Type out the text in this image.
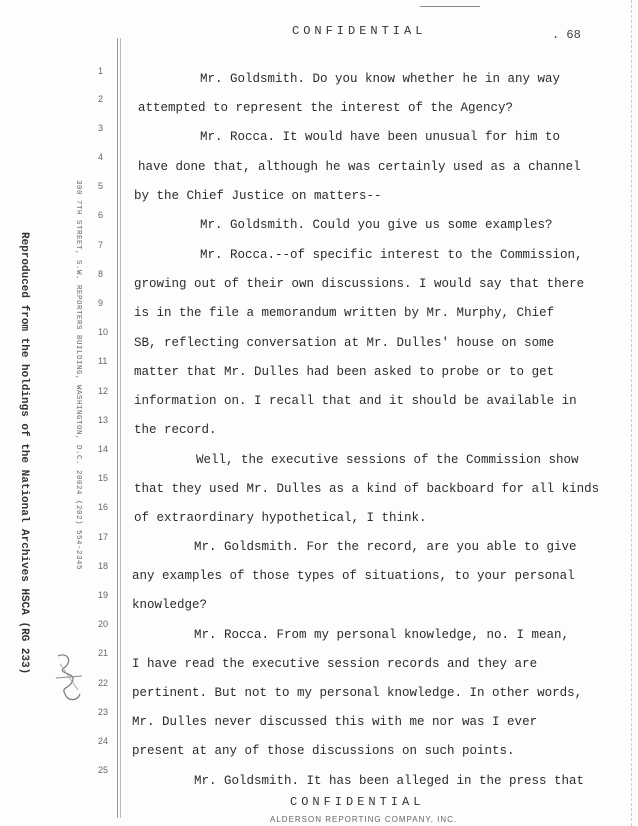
CONFIDENTIAL	. 68
Reproduced from the holdings of the National Archives HSCA (RG 233)	300 7TH STREET, S.W. REPORTERS BUILDING, WASHINGTON, D.C. 20024 (202) 554-2345
1
2
3
4
5
6
7
8
9
10
11
12
13
14
15
16
17
18
19
20
21
22
23
24
25
Mr. Goldsmith. Do you know whether he in any way
attempted to represent the interest of the Agency?
Mr. Rocca. It would have been unusual for him to
have done that, although he was certainly used as a channel
by the Chief Justice on matters--
Mr. Goldsmith. Could you give us some examples?
Mr. Rocca.--of specific interest to the Commission,
growing out of their own discussions. I would say that there
is in the file a memorandum written by Mr. Murphy, Chief
SB, reflecting conversation at Mr. Dulles' house on some
matter that Mr. Dulles had been asked to probe or to get
information on. I recall that and it should be available in
the record.
Well, the executive sessions of the Commission show
that they used Mr. Dulles as a kind of backboard for all kinds
of extraordinary hypothetical, I think.
Mr. Goldsmith. For the record, are you able to give
any examples of those types of situations, to your personal
knowledge?
Mr. Rocca. From my personal knowledge, no. I mean,
I have read the executive session records and they are
pertinent. But not to my personal knowledge. In other words,
Mr. Dulles never discussed this with me nor was I ever
present at any of those discussions on such points.
Mr. Goldsmith. It has been alleged in the press that
CONFIDENTIAL
ALDERSON REPORTING COMPANY, INC.
